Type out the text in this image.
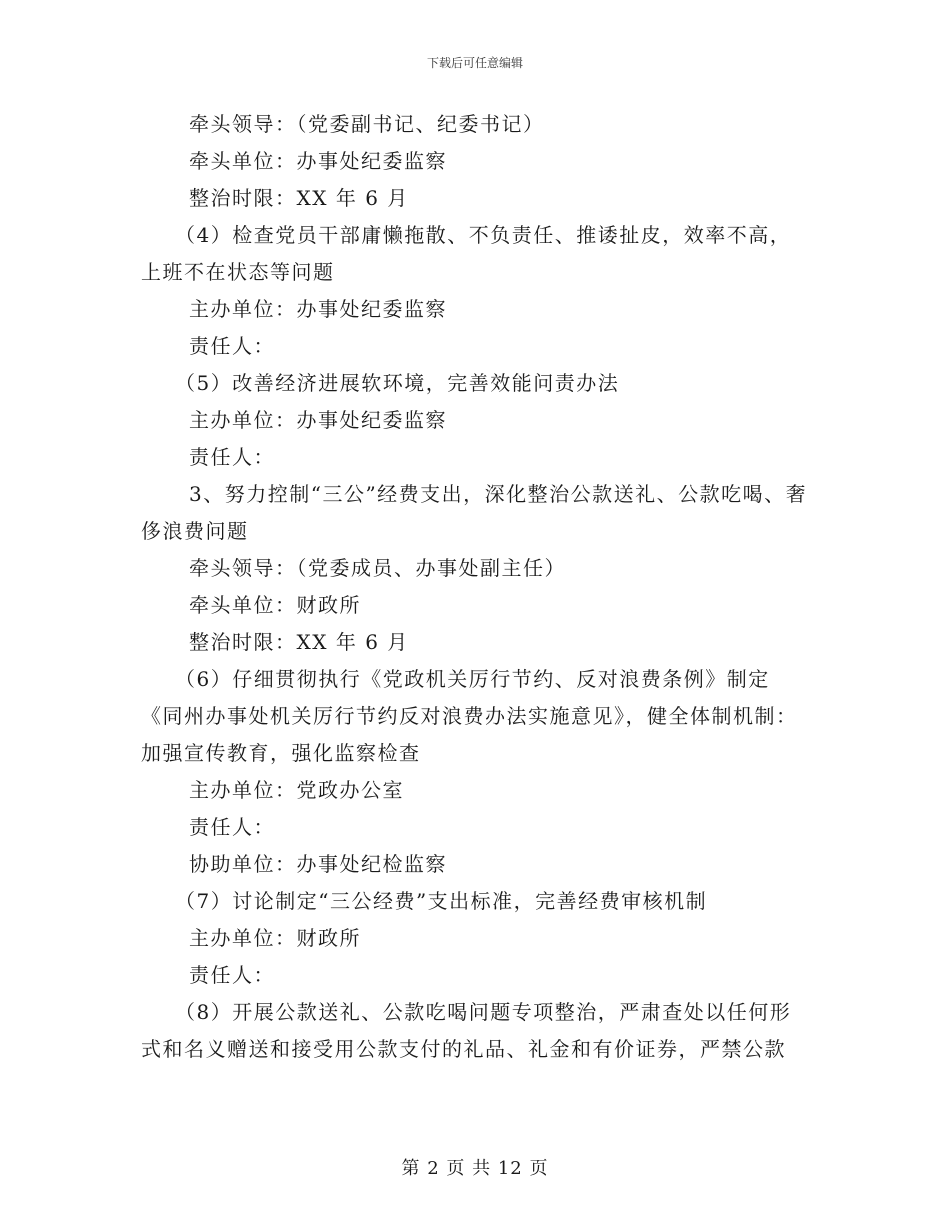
下载后可任意编辑

牵头领导：（党委副书记、纪委书记）

牵头单位：办事处纪委监察

整治时限：XX 年 6 月

（4）检查党员干部庸懒拖散、不负责任、推诿扯皮，效率不高，上班不在状态等问题

主办单位：办事处纪委监察

责任人：

（5）改善经济进展软环境，完善效能问责办法

主办单位：办事处纪委监察

责任人：

3、努力控制“三公”经费支出，深化整治公款送礼、公款吃喝、奢侈浪费问题

牵头领导：（党委成员、办事处副主任）

牵头单位：财政所

整治时限：XX 年 6 月

（6）仔细贯彻执行《党政机关厉行节约、反对浪费条例》制定《同州办事处机关厉行节约反对浪费办法实施意见》，健全体制机制：加强宣传教育，强化监察检查

主办单位：党政办公室

责任人：

协助单位：办事处纪检监察

（7）讨论制定“三公经费”支出标准，完善经费审核机制

主办单位：财政所

责任人：

（8）开展公款送礼、公款吃喝问题专项整治，严肃查处以任何形式和名义赠送和接受用公款支付的礼品、礼金和有价证券，严禁公款

第 2 页 共 12 页
